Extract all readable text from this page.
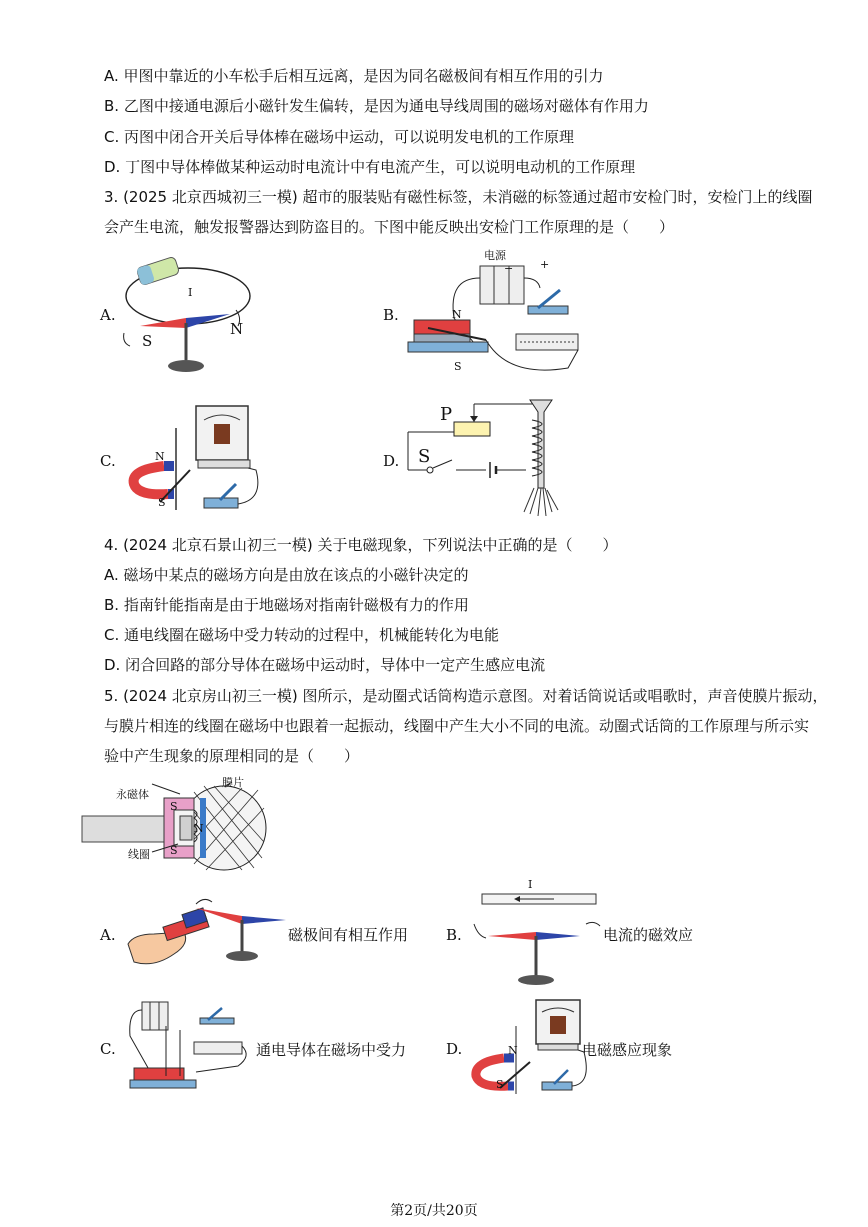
A. 甲图中靠近的小车松手后相互远离，是因为同名磁极间有相互作用的引力
B. 乙图中接通电源后小磁针发生偏转，是因为通电导线周围的磁场对磁体有作用力
C. 丙图中闭合开关后导体棒在磁场中运动，可以说明发电机的工作原理
D. 丁图中导体棒做某种运动时电流计中有电流产生，可以说明电动机的工作原理
3. (2025 北京西城初三一模) 超市的服装贴有磁性标签，未消磁的标签通过超市安检门时，安检门上的线圈
会产生电流，触发报警器达到防盗目的。下图中能反映出安检门工作原理的是（　　）
A.
I
S
N
B.
电源
− +
N
S
C.	N
S
D.
P
S
4. (2024 北京石景山初三一模) 关于电磁现象，下列说法中正确的是（　　）
A. 磁场中某点的磁场方向是由放在该点的小磁针决定的
B. 指南针能指南是由于地磁场对指南针磁极有力的作用
C. 通电线圈在磁场中受力转动的过程中，机械能转化为电能
D. 闭合回路的部分导体在磁场中运动时，导体中一定产生感应电流
5. (2024 北京房山初三一模) 图所示，是动圈式话筒构造示意图。对着话筒说话或唱歌时，声音使膜片振动，
与膜片相连的线圈在磁场中也跟着一起振动，线圈中产生大小不同的电流。动圈式话筒的工作原理与所示实
验中产生现象的原理相同的是（　　）
永磁体
膜片
线圈
S
N
S
A.	磁极间有相互作用	B.
I
电流的磁效应
C.	通电导体在磁场中受力	D.	N
S
电磁感应现象
第2页/共20页
